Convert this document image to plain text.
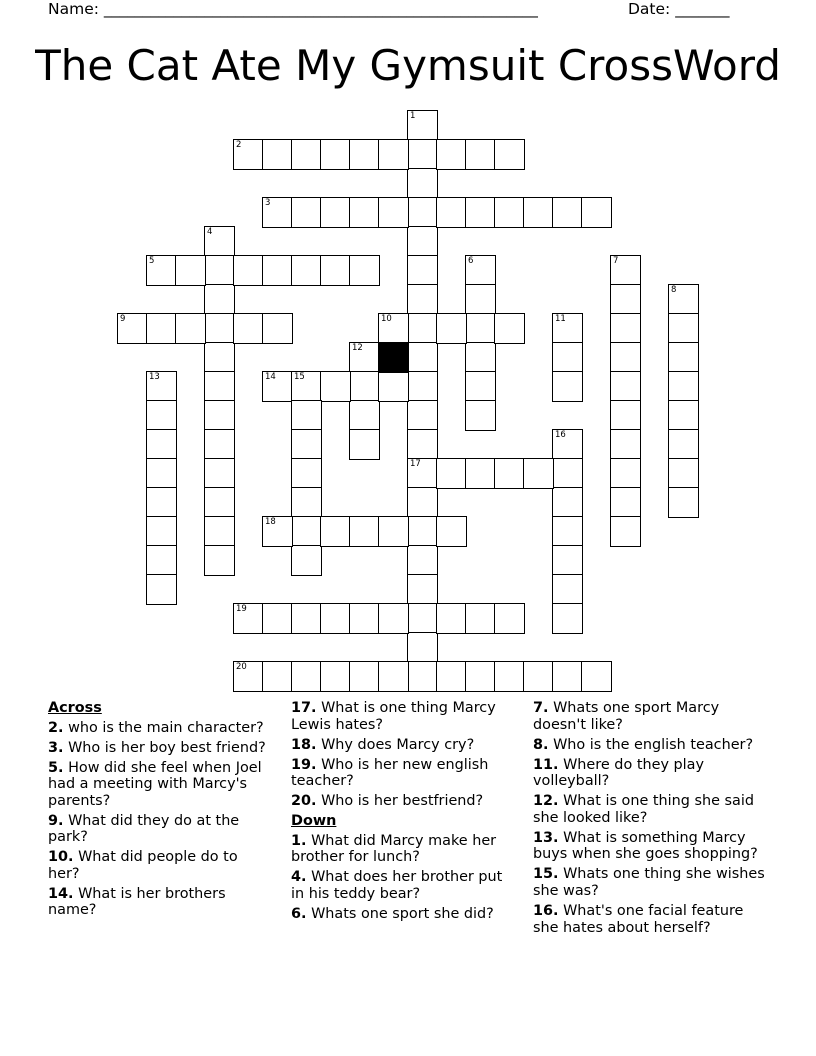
Name: ________________________________________________________	Date: _______
The Cat Ate My Gymsuit CrossWord
1
17
2
3
4
5	6	7
8
9	10	11
12
13	14 15
16
18
19
20
Across
2. who is the main character?
3. Who is her boy best friend?
5. How did she feel when Joel had a meeting with Marcy's parents?
9. What did they do at the park?
10. What did people do to her?
14. What is her brothers name?
17. What is one thing Marcy Lewis hates?
18. Why does Marcy cry?
19. Who is her new english teacher?
20. Who is her bestfriend?
Down
1. What did Marcy make her brother for lunch?
4. What does her brother put in his teddy bear?
6. Whats one sport she did?
7. Whats one sport Marcy doesn't like?
8. Who is the english teacher?
11. Where do they play volleyball?
12. What is one thing she said she looked like?
13. What is something Marcy buys when she goes shopping?
15. Whats one thing she wishes she was?
16. What's one facial feature she hates about herself?
